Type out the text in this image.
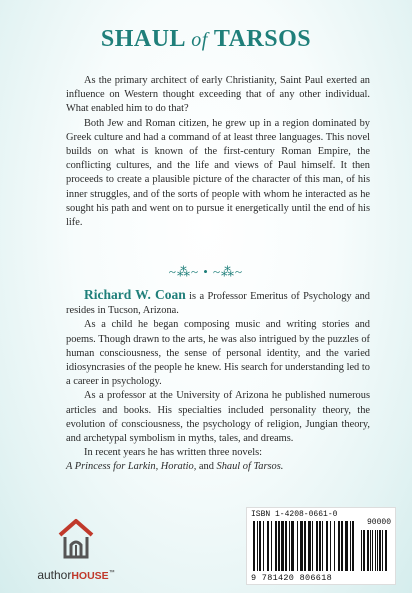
SHAUL of TARSOS

As the primary architect of early Christianity, Saint Paul exerted an influence on Western thought exceeding that of any other individual. What enabled him to do that?

Both Jew and Roman citizen, he grew up in a region dominated by Greek culture and had a command of at least three languages. This novel builds on what is known of the first-century Roman Empire, the conflicting cultures, and the life and views of Paul himself. It then proceeds to create a plausible picture of the character of this man, of his inner struggles, and of the sorts of people with whom he interacted as he sought his path and went on to pursue it energetically until the end of his life.

~⁂~ • ~⁂~

Richard W. Coan is a Professor Emeritus of Psychology and resides in Tucson, Arizona.

As a child he began composing music and writing stories and poems. Though drawn to the arts, he was also intrigued by the puzzles of human consciousness, the sense of personal identity, and the varied idiosyncrasies of the people he knew. His search for understanding led to a career in psychology.

As a professor at the University of Arizona he published numerous articles and books. His specialties included personality theory, the evolution of consciousness, the psychology of religion, Jungian theory, and archetypal symbolism in myths, tales, and dreams.

In recent years he has written three novels:

A Princess for Larkin, Horatio, and Shaul of Tarsos.

authorHOUSE™
ISBN 1-4208-0661-0
90000
9 781420 806618
